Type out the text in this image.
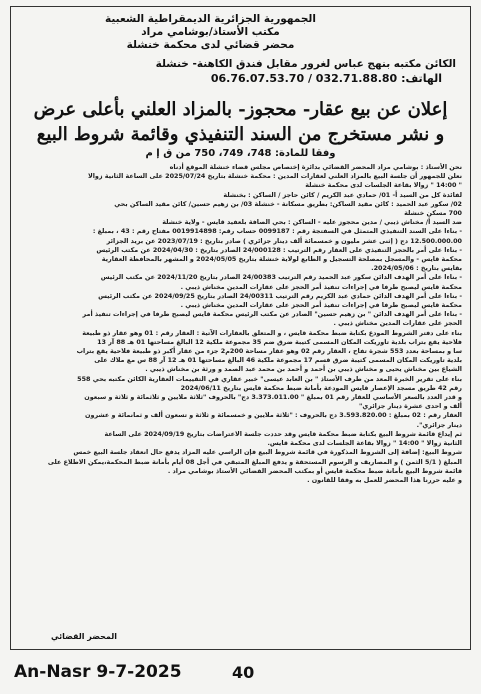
الجمهورية الجزائرية الديمقراطية الشعبية
مكتب الأستاذ/بوشامي مراد
محضر قضائي لدى محكمة خنشلة
الكائن مكتبه بنهج عباس لغرور مقابل فندق الكاهنة- خنشلة
الهاتف: 06.76.07.53.70 / 032.71.88.80
إعلان عن بيع عقار- محجوز- بالمزاد العلني بأعلى عرض
و نشر مستخرج من السند التنفيذي وقائمة شروط البيع
وفقا للمادة: 748، 749، 750 من ق إ م

نحن الأستاذ : بوشامي مراد المحضر القضائي بدائرة إختصاص مجلس قضاء خنشلة الموقع أدناه

نعلن للجمهور أن جلسة البيع بالمزاد العلني لعقارات المدين : محكمة خنشلة بتاريخ 2025/07/24 على الساعة الثانية زوالا

" 14:00 " زوالا بقاعة الجلسات لدى محكمة خنشلة

لفائدة كل من السيد أ- 01/ حمادي عبد الكريم / كائن حاجز / الساكن : بخنشلة

02/ سكور عبد الحميد : كائن مقيد الساكن: بطريق مسكانة - خنشلة 03/ بن زهيم حسين/ كائن مقيد الساكن بحي

700 مسكن خنشلة

ضد السيد أ/ مخناش ذيبي / مدين محجوز عليه - الساكن : بحي الصافة بلعفيد قايس - ولاية خنشلة

- بناءا على السند التنفيذي المتمثل في السفتجة رقم : 0099187 حساب رقم: 0019914898 مفتاح رقم : 43 ، بمبلغ :

12.500.000.00 دج ( إثنى عشر مليون و خمسمائة ألف دينار جزائري ) صادر بتاريخ : 2023/07/19 عن بريد الجزائر

- بناءا على أمر بالحجز التنفيذي على العقار رقم الترتيب : 24/000128 الصادر بتاريخ : 2024/04/30 عن مكتب الرئيس

محكمة قايس - والمسجل بمصلحة التسجيل و الطابع لولاية خنشلة بتاريخ 2024/05/05 و المشهر بالمحافظة العقارية

بقايس بتاريخ : 2024/05/06.

- بناءا على أمر الهدف الدائن سكور عبد الحميد رقم الترتيب 24/00383 الصادر بتاريخ 2024/11/20 عن مكتب الرئيس

محكمة قايس ليصبح طرفا في إجراءات تنفيذ أمر الحجز على عقارات المدين مخناش ذيبي .

- بناءا على أمر الهدف الدائن حمادي عبد الكريم رقم الترتيب 24/00311 الصادر بتاريخ 2024/09/25 عن مكتب الرئيس

محكمة قايس ليصبح طرفا في إجراءات تنفيذ أمر الحجز على عقارات المدين مخناش ذيبي .

- بناءا على أمر الهدف الدائن " بن زهيم حسين" الصادر عن مكتب الرئيس محكمة قايس ليصبح طرفا في إجراءات تنفيذ أمر

الحجز على عقارات المدين مخناش ذيبي .

بناء على دفتر الشروط المودع بكتابة ضبط محكمة قايس ، و المتعلق بالعقارات الآتية : العقار رقم : 01 وهو عقار ذو طبيعة

فلاحية يقع بتراب بلدية تاوريكت المكان المسمى كتيبة ضرق ضم 35 مجموعة ملكية 12 البالغ مساحتها 01 هـ 88 آر 13

سا و بمساحة بعدد 553 شجرة تفاح ، العقار رقم 02 وهو عقار مساحة 200م2 جزء من عقار أكبر ذو طبيعة فلاحية يقع بتراب

بلدية تاوريكت المكان المسمى كتيبة ضرق قسم 17 مجموعة ملكية 46 البالغ مساحتها 01 هـ 12 آر 88 س مع ملاك على

الشياع بين مخناش يحيى و مخناش ذيبي بن أحمد و أحمد بن محمد عبد الصمد و ورثة بن مخناش ذيبي .

بناء على تقرير الخبرة المعد من طرف الأستاذ " بن العابد عيسى" خبير عقاري في التقييمات العقارية الكائن مكتبه بحي 558

رقم 42 طريق مسجد الإعصار قايس المودعة بأمانة ضبط محكمة قايس بتاريخ 2024/06/11

و قدر العدد بالسعر الأساسي للعقار رقم 01 بمبلغ " 3.373.011.00 دج" بالحروف "ثلاثة ملايين و ثلاثمائة و ثلاثة و سبعون

ألف و احدى عشرة دينار جزائري"

العقار رقم : 02 بمبلغ : 3.593.820.00 دج بالحروف : "ثلاثة ملايين و خمسمائة و ثلاثة و تسعون ألف و ثمانمائة و عشرون

دينار جزائري".

ثم إيداع قائمة شروط البيع بكتابة ضبط محكمة قايس وقد حددت جلسة الاعتراضات بتاريخ 2024/09/19 على الساعة

الثانية زوالا " 14:00 " زوالا بقاعة الجلسات لدى محكمة قايس.

شروط البيع: إضافة إلى الشروط المذكورة في قائمة شروط البيع فإن الراسي عليه المزاد يدفع حال انعقاد جلسة البيع خمس

المبلغ ( 5/1 الثمن ) و المصاريف و الرسوم المستحقة و يدفع المبلغ المتبقي في أجل 08 أيام بأمانة ضبط المحكمة،يمكن الاطلاع على

قائمة شروط البيع بأمانة ضبط محكمة قايس أو بمكتب المحضر القضائي الأستاذ بوشامي مراد .

و عليه حررنا هذا المحضر للعمل به وفقا للقانون .

المحضر القضائي
An-Nasr 9-7-2025	40
